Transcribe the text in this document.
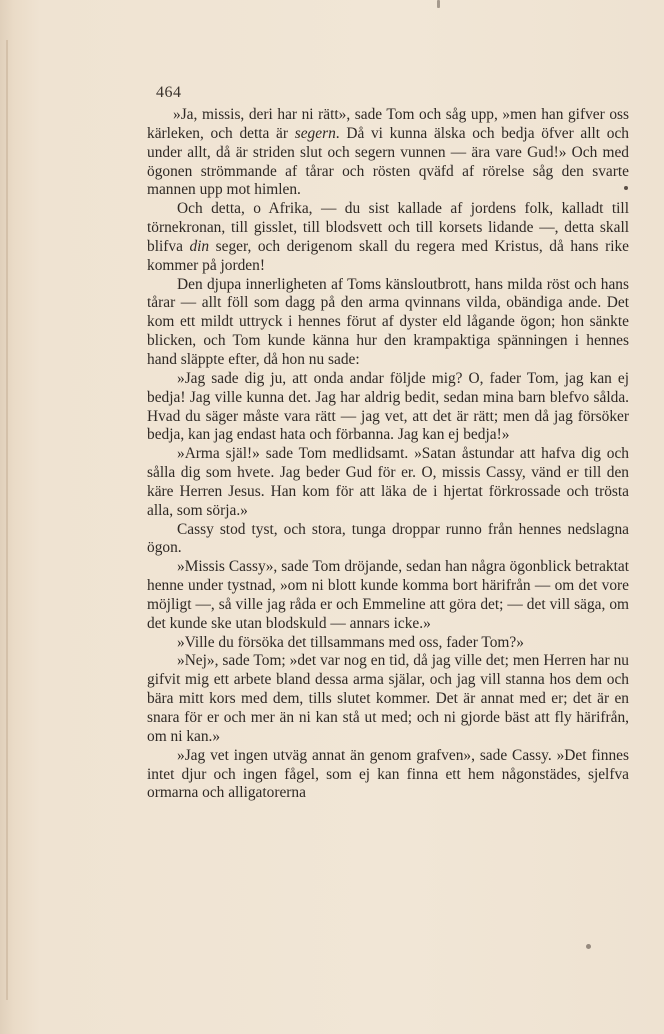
464

»Ja, missis, deri har ni rätt», sade Tom och såg upp, »men han gifver oss kärleken, och detta är segern. Då vi kunna älska och bedja öfver allt och under allt, då är striden slut och segern vunnen — ära vare Gud!» Och med ögonen strömmande af tårar och rösten qväfd af rörelse såg den svarte mannen upp mot himlen.

Och detta, o Afrika, — du sist kallade af jordens folk, kalladt till törnekronan, till gisslet, till blodsvett och till korsets lidande —, detta skall blifva din seger, och derigenom skall du regera med Kristus, då hans rike kommer på jorden!

Den djupa innerligheten af Toms känsloutbrott, hans milda röst och hans tårar — allt föll som dagg på den arma qvinnans vilda, obändiga ande. Det kom ett mildt uttryck i hennes förut af dyster eld lågande ögon; hon sänkte blicken, och Tom kunde känna hur den krampaktiga spänningen i hennes hand släppte efter, då hon nu sade:

»Jag sade dig ju, att onda andar följde mig? O, fader Tom, jag kan ej bedja! Jag ville kunna det. Jag har aldrig bedit, sedan mina barn blefvo sålda. Hvad du säger måste vara rätt — jag vet, att det är rätt; men då jag försöker bedja, kan jag endast hata och förbanna. Jag kan ej bedja!»

»Arma själ!» sade Tom medlidsamt. »Satan åstundar att hafva dig och sålla dig som hvete. Jag beder Gud för er. O, missis Cassy, vänd er till den käre Herren Jesus. Han kom för att läka de i hjertat förkrossade och trösta alla, som sörja.»

Cassy stod tyst, och stora, tunga droppar runno från hennes nedslagna ögon.

»Missis Cassy», sade Tom dröjande, sedan han några ögonblick betraktat henne under tystnad, »om ni blott kunde komma bort härifrån — om det vore möjligt —, så ville jag råda er och Emmeline att göra det; — det vill säga, om det kunde ske utan blodskuld — annars icke.»

»Ville du försöka det tillsammans med oss, fader Tom?»

»Nej», sade Tom; »det var nog en tid, då jag ville det; men Herren har nu gifvit mig ett arbete bland dessa arma själar, och jag vill stanna hos dem och bära mitt kors med dem, tills slutet kommer. Det är annat med er; det är en snara för er och mer än ni kan stå ut med; och ni gjorde bäst att fly härifrån, om ni kan.»

»Jag vet ingen utväg annat än genom grafven», sade Cassy. »Det finnes intet djur och ingen fågel, som ej kan finna ett hem någonstädes, sjelfva ormarna och alligatorerna
